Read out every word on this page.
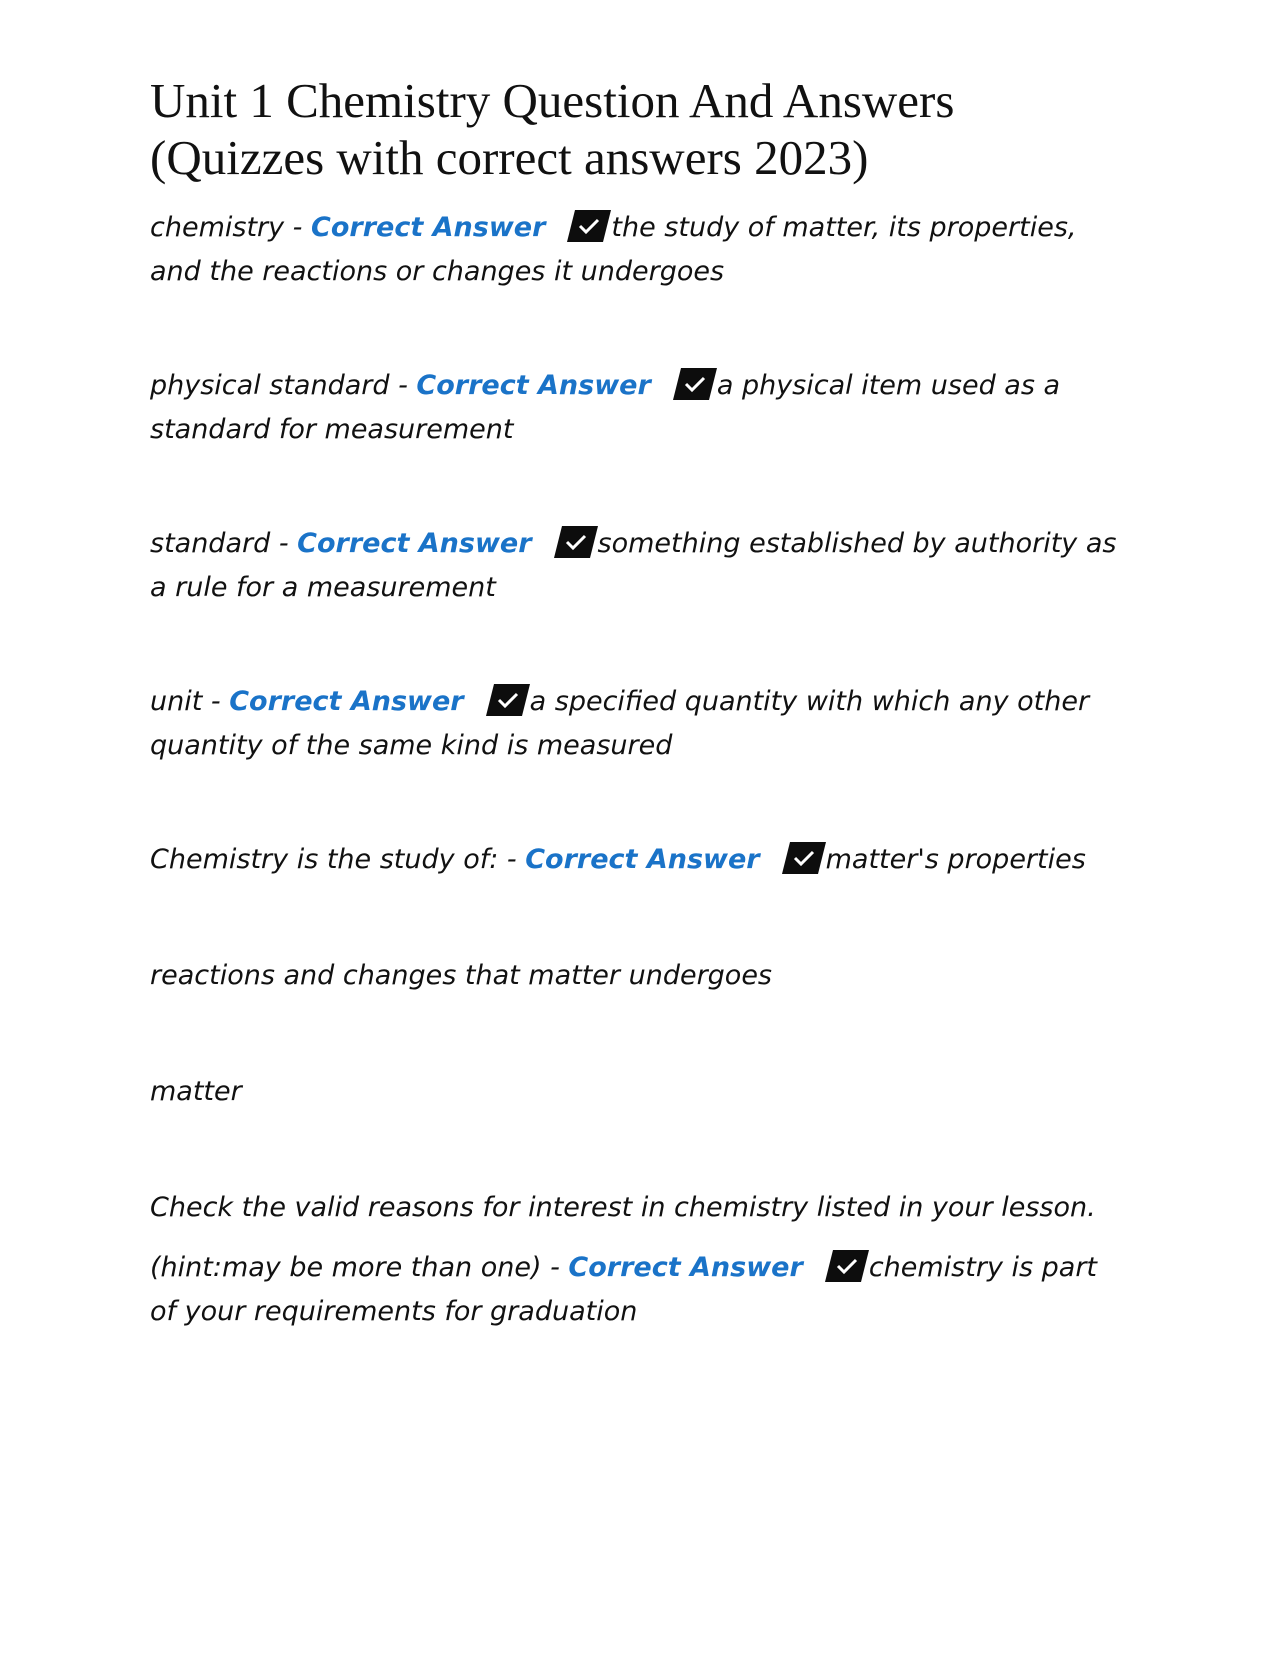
Unit 1 Chemistry Question And Answers
(Quizzes with correct answers 2023)

chemistry - Correct Answer the study of matter, its properties, and the reactions or changes it undergoes

physical standard - Correct Answer a physical item used as a standard for measurement

standard - Correct Answer something established by authority as a rule for a measurement

unit - Correct Answer a specified quantity with which any other quantity of the same kind is measured

Chemistry is the study of: - Correct Answer matter's properties

reactions and changes that matter undergoes

matter

Check the valid reasons for interest in chemistry listed in your lesson.

(hint:may be more than one) - Correct Answer chemistry is part of your requirements for graduation
